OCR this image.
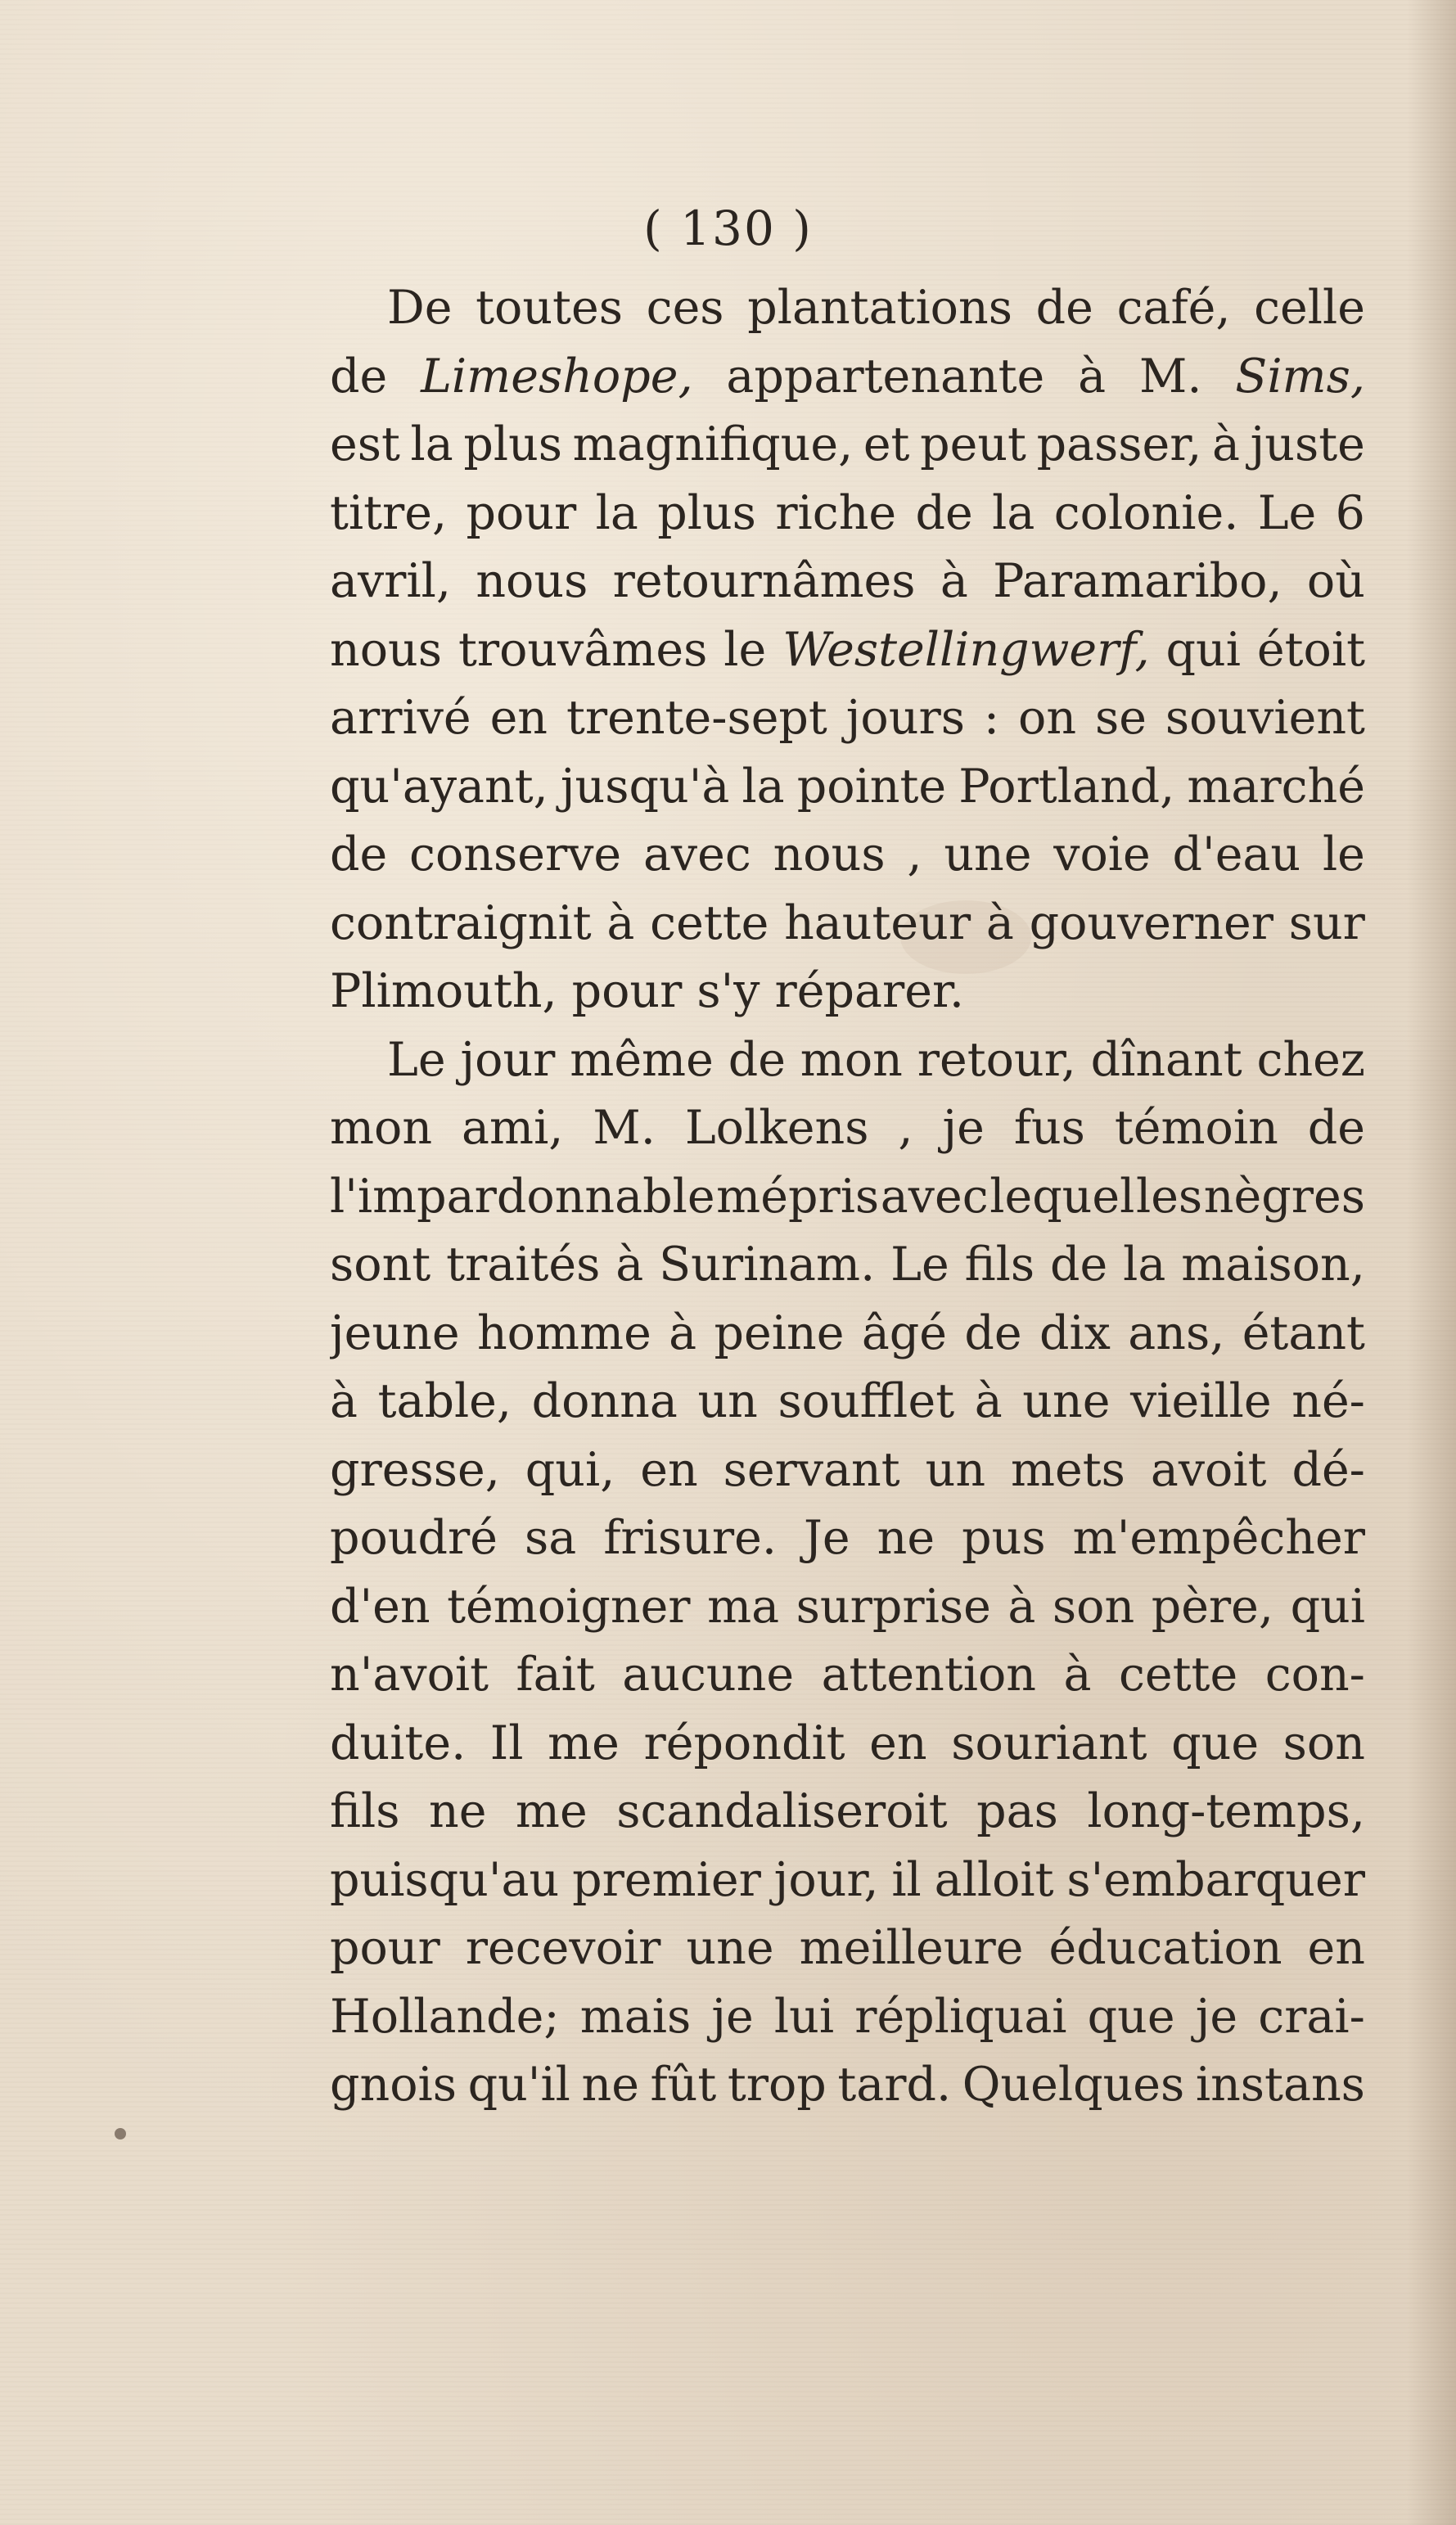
( 130 )
De toutes ces plantations de café, celle
de Limeshope, appartenante à M. Sims,
est la plus magnifique, et peut passer, à juste
titre, pour la plus riche de la colonie. Le 6
avril, nous retournâmes à Paramaribo, où
nous trouvâmes le Westellingwerf, qui étoit
arrivé en trente-sept jours : on se souvient
qu'ayant, jusqu'à la pointe Portland, marché
de conserve avec nous , une voie d'eau le
contraignit à cette hauteur à gouverner sur
Plimouth, pour s'y réparer.
Le jour même de mon retour, dînant chez
mon ami, M. Lolkens , je fus témoin de
l'impardonnable mépris avec lequel les nègres
sont traités à Surinam. Le fils de la maison,
jeune homme à peine âgé de dix ans, étant
à table, donna un soufflet à une vieille né-
gresse, qui, en servant un mets avoit dé-
poudré sa frisure. Je ne pus m'empêcher
d'en témoigner ma surprise à son père, qui
n'avoit fait aucune attention à cette con-
duite. Il me répondit en souriant que son
fils ne me scandaliseroit pas long-temps,
puisqu'au premier jour, il alloit s'embarquer
pour recevoir une meilleure éducation en
Hollande; mais je lui répliquai que je crai-
gnois qu'il ne fût trop tard. Quelques instans
